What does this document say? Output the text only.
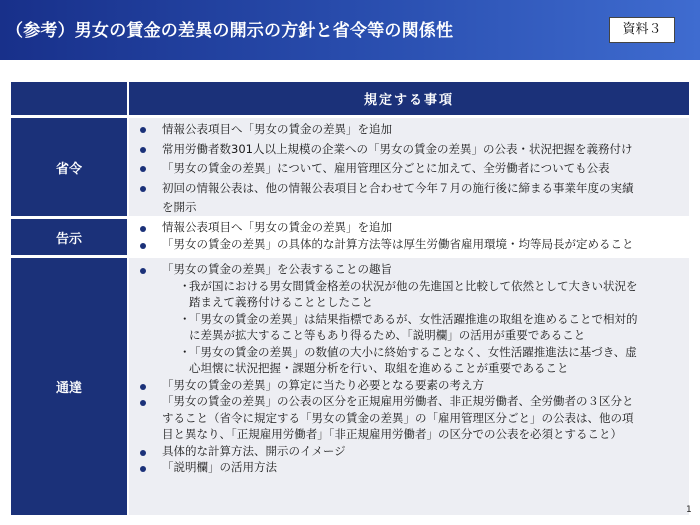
（参考）男女の賃金の差異の開示の方針と省令等の関係性	資料３
規定する事項
省令
情報公表項目へ「男女の賃金の差異」を追加
常用労働者数301人以上規模の企業への「男女の賃金の差異」の公表・状況把握を義務付け
「男女の賃金の差異」について、雇用管理区分ごとに加えて、全労働者についても公表
初回の情報公表は、他の情報公表項目と合わせて今年７月の施行後に締まる事業年度の実績
を開示
告示
情報公表項目へ「男女の賃金の差異」を追加
「男女の賃金の差異」の具体的な計算方法等は厚生労働省雇用環境・均等局長が定めること
通達
「男女の賃金の差異」を公表することの趣旨
・
我が国における男女間賃金格差の状況が他の先進国と比較して依然として大きい状況を
踏まえて義務付けることとしたこと
・
「男女の賃金の差異」は結果指標であるが、女性活躍推進の取組を進めることで相対的
に差異が拡大すること等もあり得るため、「説明欄」の活用が重要であること
・
「男女の賃金の差異」の数値の大小に終始することなく、女性活躍推進法に基づき、虚
心坦懐に状況把握・課題分析を行い、取組を進めることが重要であること
「男女の賃金の差異」の算定に当たり必要となる要素の考え方
「男女の賃金の差異」の公表の区分を正規雇用労働者、非正規労働者、全労働者の３区分と
すること（省令に規定する「男女の賃金の差異」の「雇用管理区分ごと」の公表は、他の項
目と異なり、「正規雇用労働者」「非正規雇用労働者」の区分での公表を必須とすること）
具体的な計算方法、開示のイメージ
「説明欄」の活用方法
1
